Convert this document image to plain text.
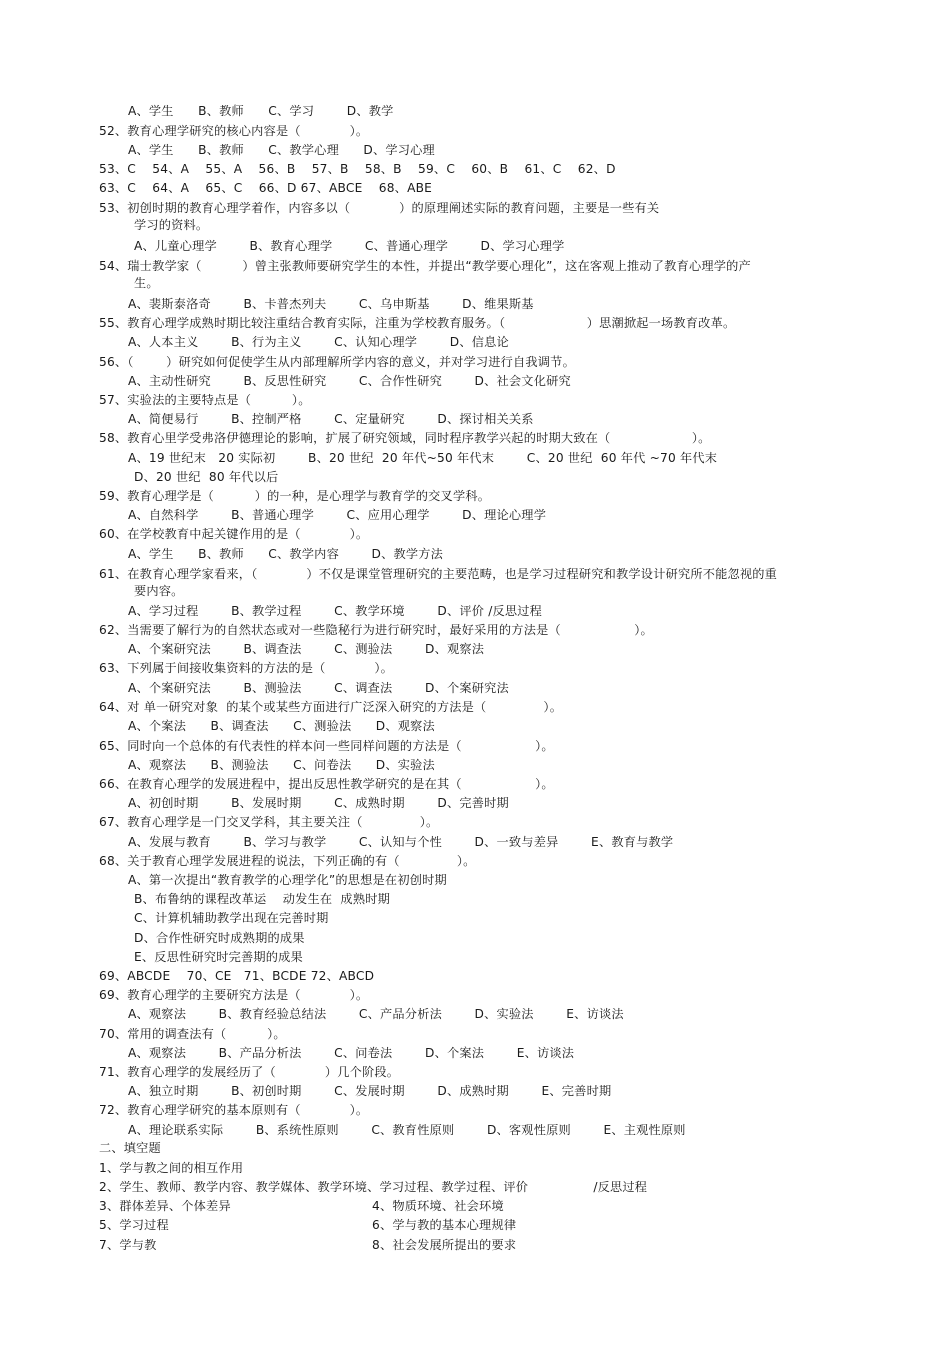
A、学生      B、教师      C、学习        D、教学
52、教育心理学研究的核心内容是（            ）。
A、学生      B、教师      C、教学心理      D、学习心理
53、C    54、A    55、A    56、B    57、B    58、B    59、C    60、B    61、C    62、D
63、C    64、A    65、C    66、D 67、ABCE    68、ABE
53、初创时期的教育心理学着作，内容多以（            ）的原理阐述实际的教育问题，主要是一些有关
学习的资料。
A、儿童心理学        B、教育心理学        C、普通心理学        D、学习心理学
54、瑞士教学家（          ）曾主张教师要研究学生的本性，并提出“教学要心理化”，这在客观上推动了教育心理学的产
生。
A、裴斯泰洛奇        B、卡普杰列夫        C、乌申斯基        D、维果斯基
55、教育心理学成熟时期比较注重结合教育实际，注重为学校教育服务。（                    ）思潮掀起一场教育改革。
A、人本主义        B、行为主义        C、认知心理学        D、信息论
56、（        ）研究如何促使学生从内部理解所学内容的意义，并对学习进行自我调节。
A、主动性研究        B、反思性研究        C、合作性研究        D、社会文化研究
57、实验法的主要特点是（          ）。
A、简便易行        B、控制严格        C、定量研究        D、探讨相关关系
58、教育心里学受弗洛伊德理论的影响，扩展了研究领域，同时程序教学兴起的时期大致在（                    ）。
A、19 世纪末   20 实际初        B、20 世纪  20 年代~50 年代末        C、20 世纪  60 年代 ~70 年代末
D、20 世纪  80 年代以后
59、教育心理学是（          ）的一种，是心理学与教育学的交叉学科。
A、自然科学        B、普通心理学        C、应用心理学        D、理论心理学
60、在学校教育中起关键作用的是（            ）。
A、学生      B、教师      C、教学内容        D、教学方法
61、在教育心理学家看来，（            ）不仅是课堂管理研究的主要范畴，也是学习过程研究和教学设计研究所不能忽视的重
要内容。
A、学习过程        B、教学过程        C、教学环境        D、评价 /反思过程
62、当需要了解行为的自然状态或对一些隐秘行为进行研究时，最好采用的方法是（                  ）。
A、个案研究法        B、调查法        C、测验法        D、观察法
63、下列属于间接收集资料的方法的是（            ）。
A、个案研究法        B、测验法        C、调查法        D、个案研究法
64、对 单一研究对象  的某个或某些方面进行广泛深入研究的方法是（              ）。
A、个案法      B、调查法      C、测验法      D、观察法
65、同时向一个总体的有代表性的样本问一些同样问题的方法是（                  ）。
A、观察法      B、测验法      C、问卷法      D、实验法
66、在教育心理学的发展进程中，提出反思性教学研究的是在其（                  ）。
A、初创时期        B、发展时期        C、成熟时期        D、完善时期
67、教育心理学是一门交叉学科，其主要关注（              ）。
A、发展与教育        B、学习与教学        C、认知与个性        D、一致与差异        E、教育与教学
68、关于教育心理学发展进程的说法，下列正确的有（              ）。
A、第一次提出“教育教学的心理学化”的思想是在初创时期
B、布鲁纳的课程改革运    动发生在  成熟时期
C、计算机辅助教学出现在完善时期
D、合作性研究时成熟期的成果
E、反思性研究时完善期的成果
69、ABCDE    70、CE   71、BCDE 72、ABCD
69、教育心理学的主要研究方法是（            ）。
A、观察法        B、教育经验总结法        C、产品分析法        D、实验法        E、访谈法
70、常用的调查法有（          ）。
A、观察法        B、产品分析法        C、问卷法        D、个案法        E、访谈法
71、教育心理学的发展经历了（            ）几个阶段。
A、独立时期        B、初创时期        C、发展时期        D、成熟时期        E、完善时期
72、教育心理学研究的基本原则有（            ）。
A、理论联系实际        B、系统性原则        C、教育性原则        D、客观性原则        E、主观性原则
二、填空题
1、学与教之间的相互作用
2、学生、教师、教学内容、教学媒体、教学环境、学习过程、教学过程、评价                /反思过程
3、群体差异、个体差异	4、物质环境、社会环境
5、学习过程	6、学与教的基本心理规律
7、学与教	8、社会发展所提出的要求
